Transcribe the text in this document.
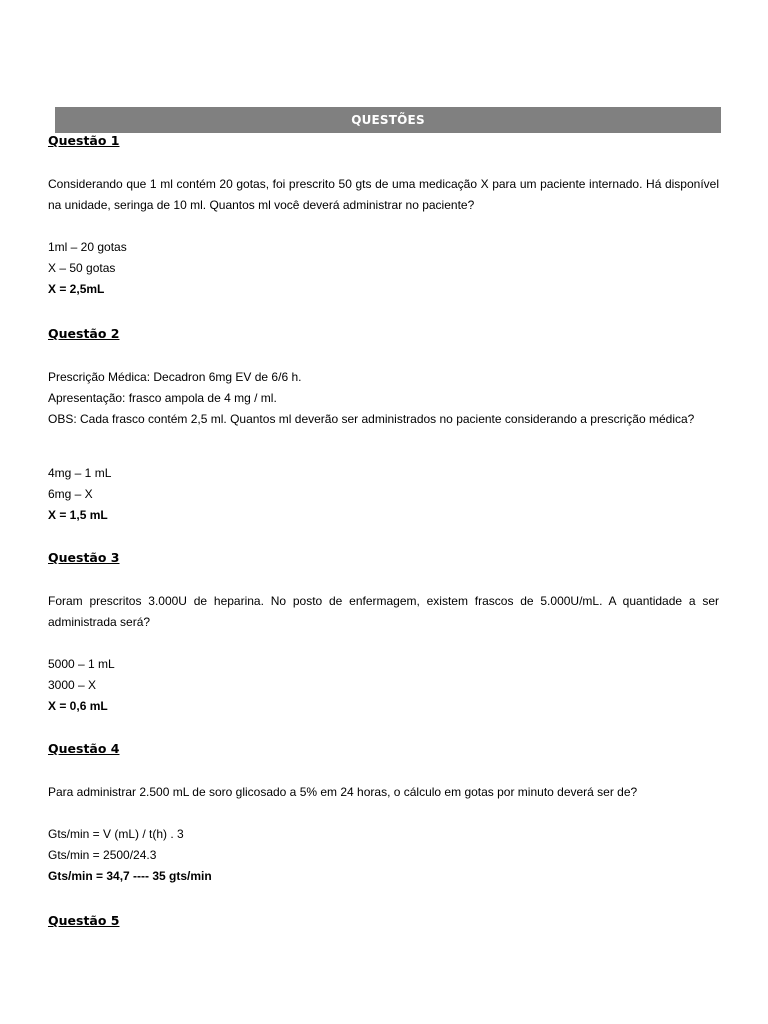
QUESTÕES
Questão 1
Considerando que 1 ml contém 20 gotas, foi prescrito 50 gts de uma medicação X para um paciente internado. Há disponível na unidade, seringa de 10 ml. Quantos ml você deverá administrar no paciente?
1ml – 20 gotas
X – 50 gotas
X = 2,5mL
Questão 2
Prescrição Médica: Decadron 6mg EV de 6/6 h.
Apresentação: frasco ampola de 4 mg / ml.
OBS: Cada frasco contém 2,5 ml. Quantos ml deverão ser administrados no paciente considerando a prescrição médica?
4mg – 1 mL
6mg – X
X = 1,5 mL
Questão 3
Foram prescritos 3.000U de heparina. No posto de enfermagem, existem frascos de 5.000U/mL. A quantidade a ser administrada será?
5000 – 1 mL
3000 – X
X = 0,6 mL
Questão 4
Para administrar 2.500 mL de soro glicosado a 5% em 24 horas, o cálculo em gotas por minuto deverá ser de?
Gts/min = V (mL) / t(h) . 3
Gts/min = 2500/24.3
Gts/min = 34,7 ---- 35 gts/min
Questão 5
